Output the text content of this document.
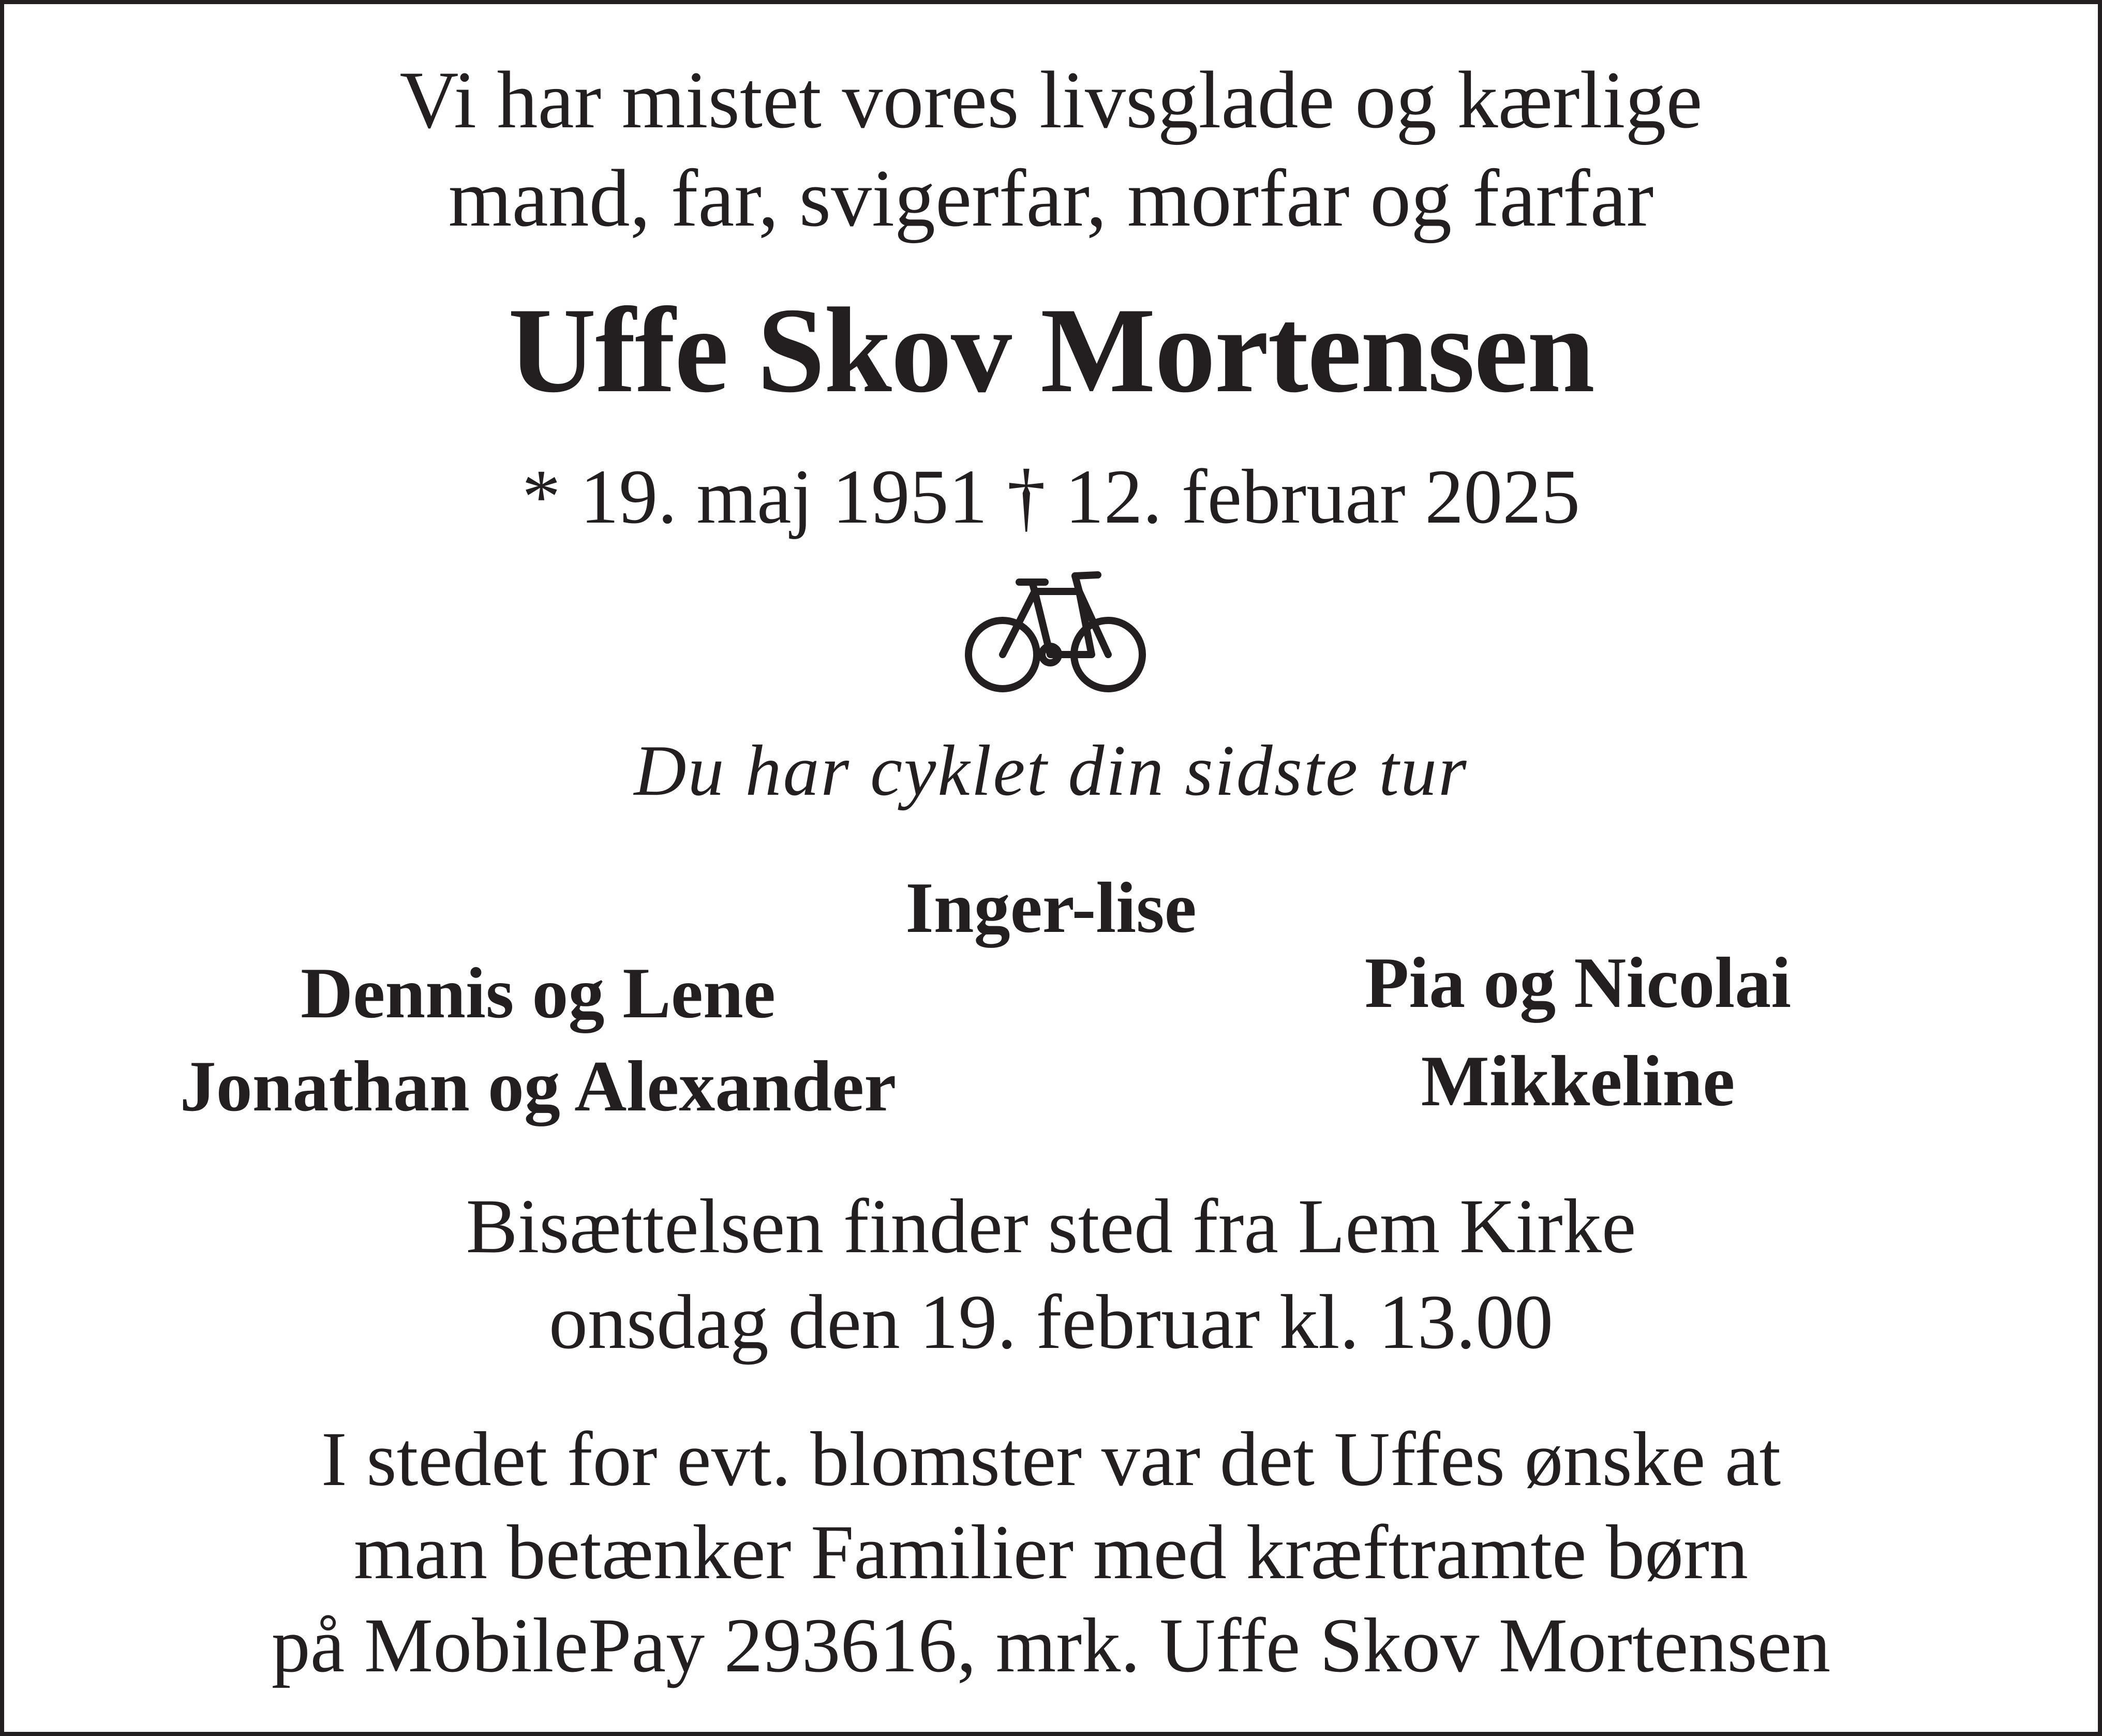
Vi har mistet vores livsglade og kærlige
mand, far, svigerfar, morfar og farfar
Uffe Skov Mortensen
* 19. maj 1951 † 12. februar 2025
Du har cyklet din sidste tur
Inger-lise
Dennis og Lene
Jonathan og Alexander
Pia og Nicolai
Mikkeline
Bisættelsen finder sted fra Lem Kirke
onsdag den 19. februar kl. 13.00
I stedet for evt. blomster var det Uffes ønske at
man betænker Familier med kræftramte børn
på MobilePay 293616, mrk. Uffe Skov Mortensen
